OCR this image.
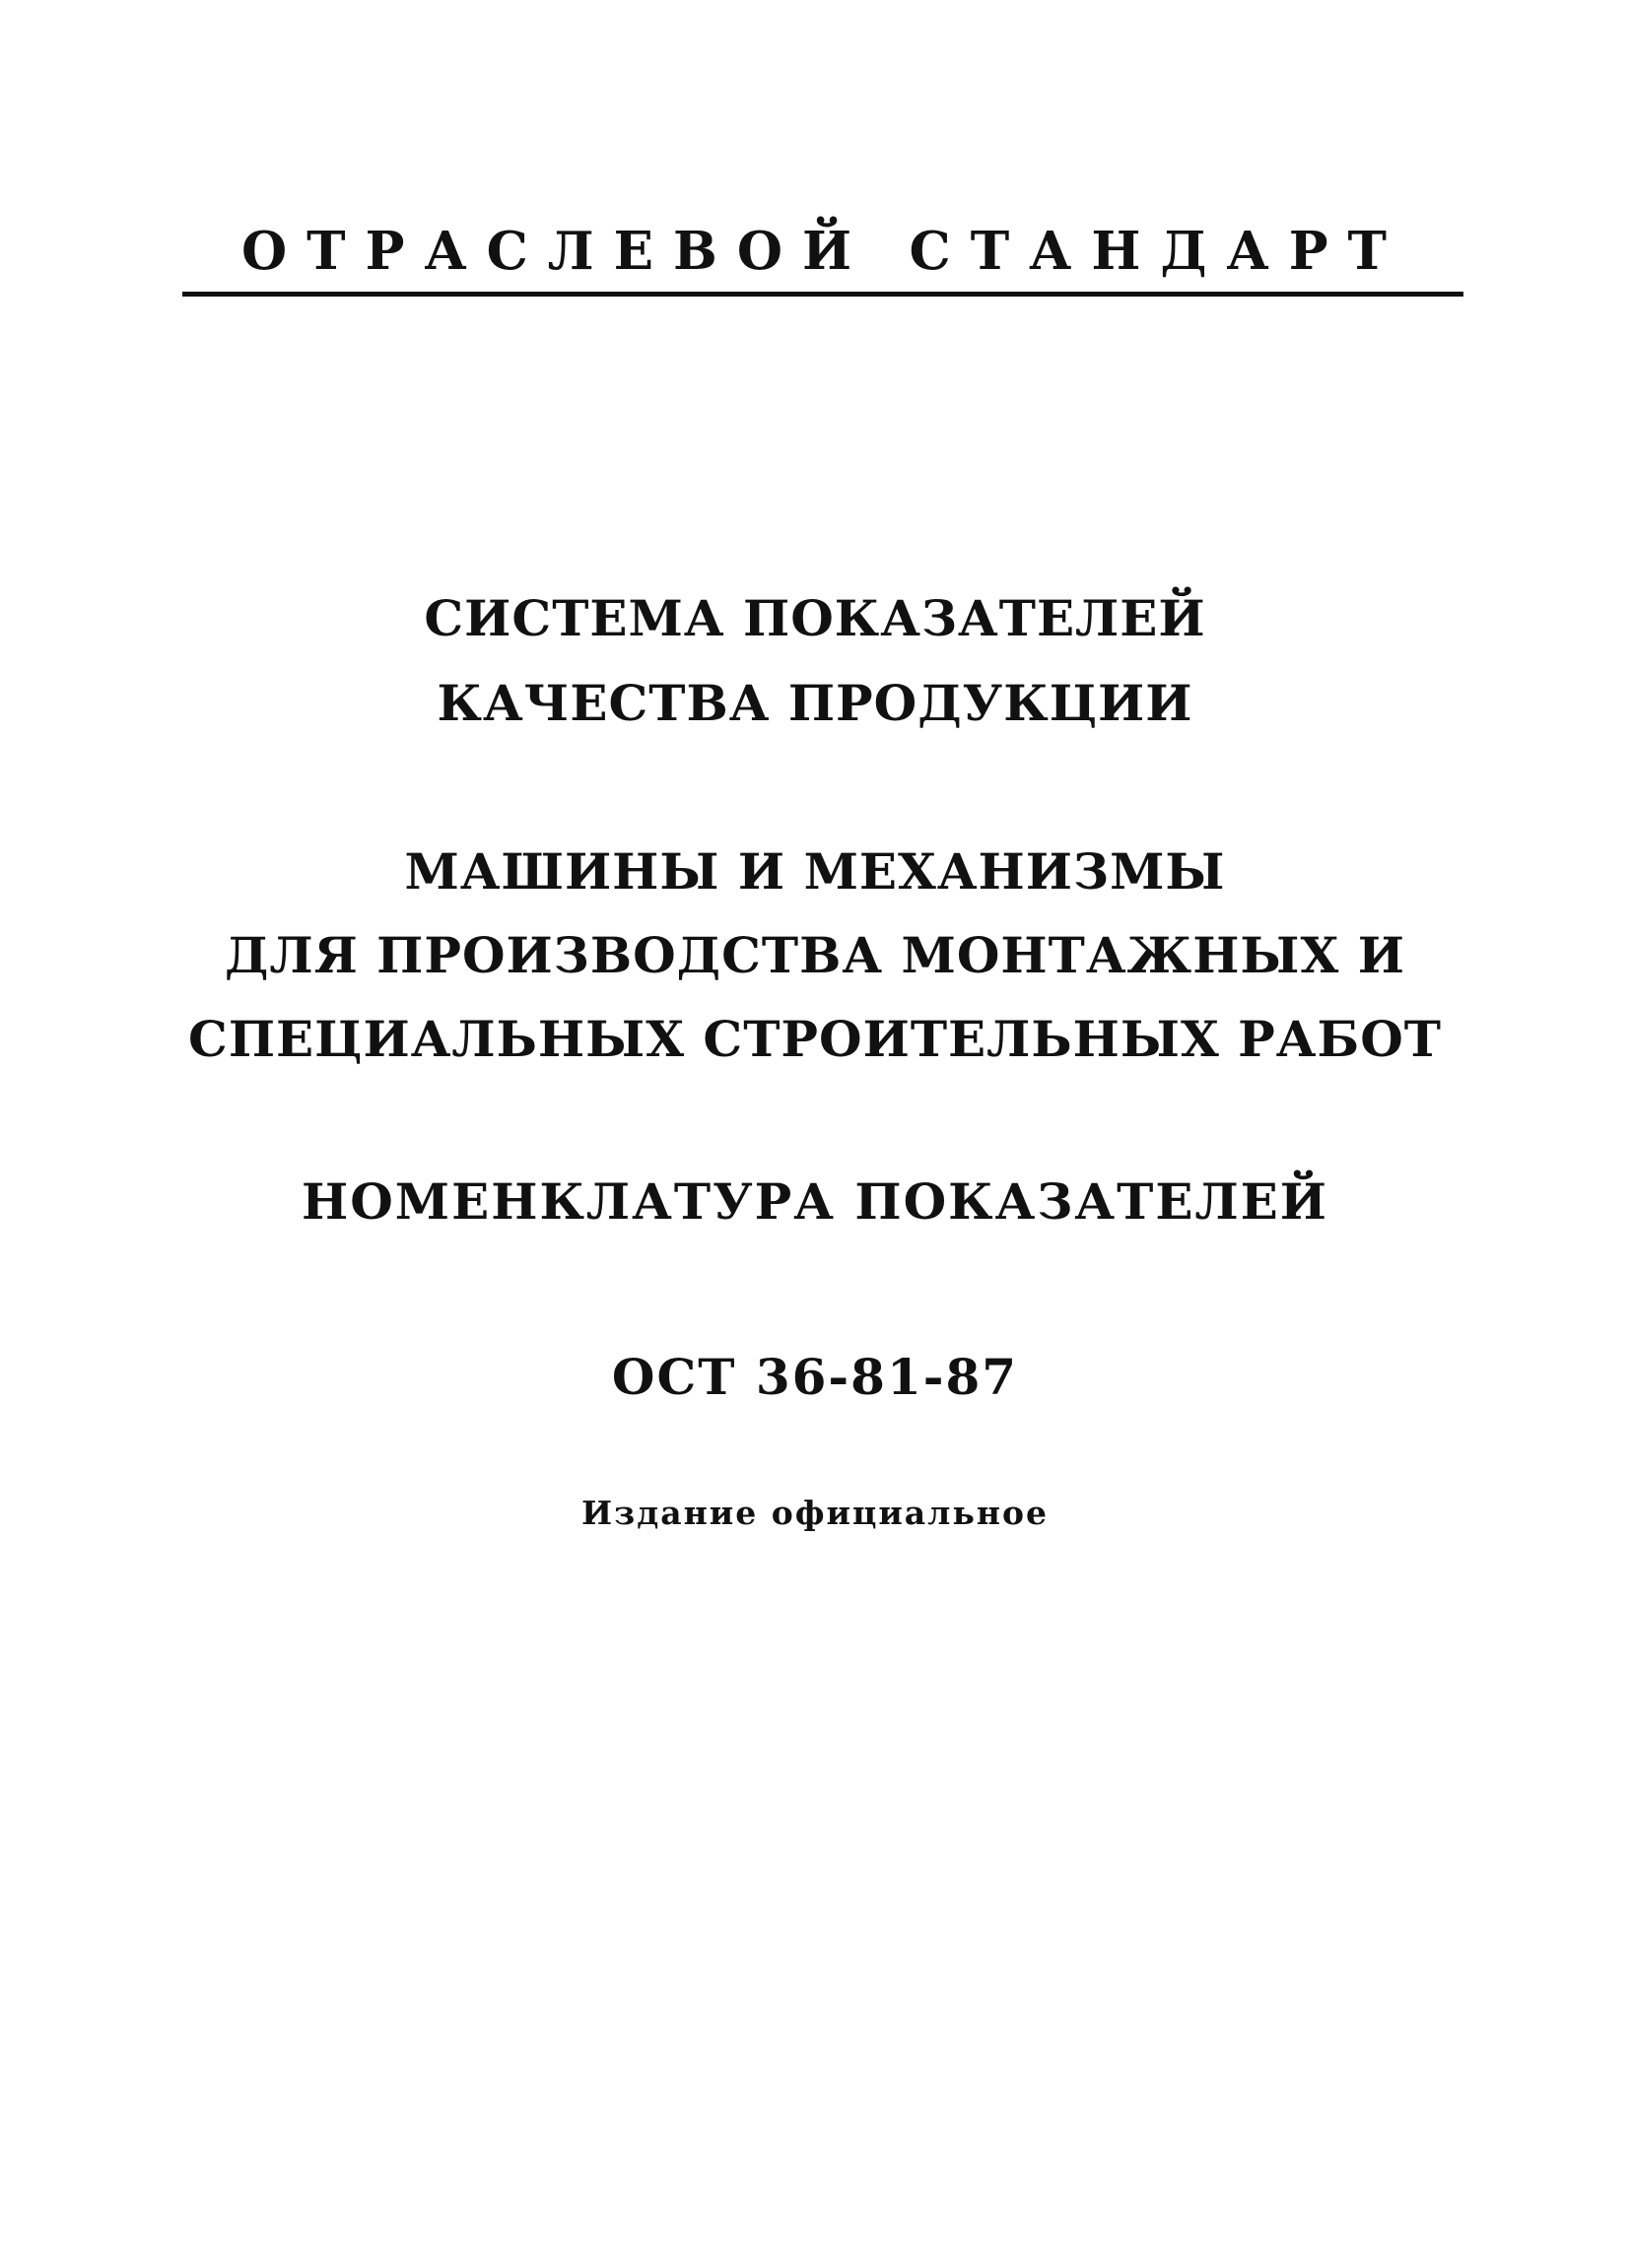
ОТРАСЛЕВОЙ СТАНДАРТ
СИСТЕМА ПОКАЗАТЕЛЕЙ
КАЧЕСТВА ПРОДУКЦИИ
МАШИНЫ И МЕХАНИЗМЫ
ДЛЯ ПРОИЗВОДСТВА МОНТАЖНЫХ И
СПЕЦИАЛЬНЫХ СТРОИТЕЛЬНЫХ РАБОТ
НОМЕНКЛАТУРА ПОКАЗАТЕЛЕЙ
ОСТ 36-81-87
Издание официальное
